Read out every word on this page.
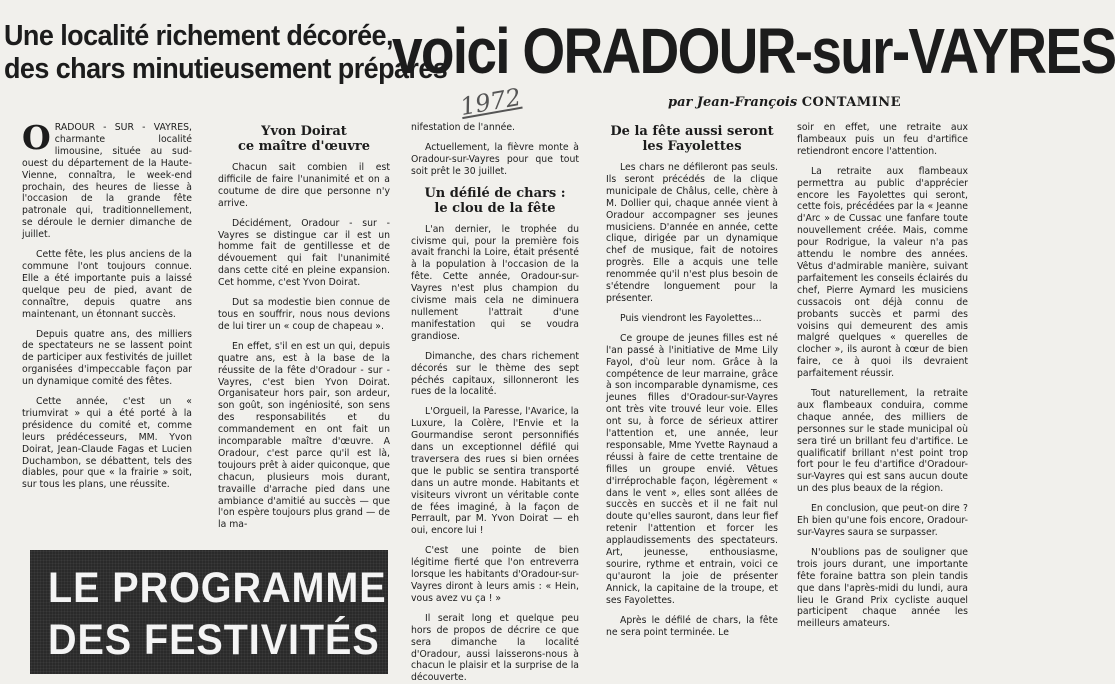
Une localité richement décorée,
des chars minutieusement préparés
voici ORADOUR-sur-VAYRES
1972	par Jean-François CONTAMINE

ORADOUR - SUR - VAYRES, charmante localité limousine, située au sud-ouest du département de la Haute-Vienne, connaîtra, le week-end prochain, des heures de liesse à l'occasion de la grande fête patronale qui, traditionnellement, se déroule le dernier dimanche de juillet.

Cette fête, les plus anciens de la commune l'ont toujours connue. Elle a été importante puis a laissé quelque peu de pied, avant de connaître, depuis quatre ans maintenant, un étonnant succès.

Depuis quatre ans, des milliers de spectateurs ne se lassent point de participer aux festivités de juillet organisées d'impeccable façon par un dynamique comité des fêtes.

Cette année, c'est un « triumvirat » qui a été porté à la présidence du comité et, comme leurs prédécesseurs, MM. Yvon Doirat, Jean-Claude Fagas et Lucien Duchambon, se débattent, tels des diables, pour que « la frairie » soit, sur tous les plans, une réussite.

Yvon Doirat
ce maître d'œuvre

Chacun sait combien il est difficile de faire l'unanimité et on a coutume de dire que personne n'y arrive.

Décidément, Oradour - sur - Vayres se distingue car il est un homme fait de gentillesse et de dévouement qui fait l'unanimité dans cette cité en pleine expansion. Cet homme, c'est Yvon Doirat.

Dut sa modestie bien connue de tous en souffrir, nous nous devions de lui tirer un « coup de chapeau ».

En effet, s'il en est un qui, depuis quatre ans, est à la base de la réussite de la fête d'Oradour - sur - Vayres, c'est bien Yvon Doirat. Organisateur hors pair, son ardeur, son goût, son ingéniosité, son sens des responsabilités et du commandement en ont fait un incomparable maître d'œuvre. A Oradour, c'est parce qu'il est là, toujours prêt à aider quiconque, que chacun, plusieurs mois durant, travaille d'arrache pied dans une ambiance d'amitié au succès — que l'on espère toujours plus grand — de la ma-

nifestation de l'année.

Actuellement, la fièvre monte à Oradour-sur-Vayres pour que tout soit prêt le 30 juillet.

Un défilé de chars :
le clou de la fête

L'an dernier, le trophée du civisme qui, pour la première fois avait franchi la Loire, était présenté à la population à l'occasion de la fête. Cette année, Oradour-sur-Vayres n'est plus champion du civisme mais cela ne diminuera nullement l'attrait d'une manifestation qui se voudra grandiose.

Dimanche, des chars richement décorés sur le thème des sept péchés capitaux, sillonneront les rues de la localité.

L'Orgueil, la Paresse, l'Avarice, la Luxure, la Colère, l'Envie et la Gourmandise seront personnifiés dans un exceptionnel défilé qui traversera des rues si bien ornées que le public se sentira transporté dans un autre monde. Habitants et visiteurs vivront un véritable conte de fées imaginé, à la façon de Perrault, par M. Yvon Doirat — eh oui, encore lui !

C'est une pointe de bien légitime fierté que l'on entreverra lorsque les habitants d'Oradour-sur-Vayres diront à leurs amis : « Hein, vous avez vu ça ! »

Il serait long et quelque peu hors de propos de décrire ce que sera dimanche la localité d'Oradour, aussi laisserons-nous à chacun le plaisir et la surprise de la découverte.

De la fête aussi seront
les Fayolettes

Les chars ne défileront pas seuls. Ils seront précédés de la clique municipale de Châlus, celle, chère à M. Dollier qui, chaque année vient à Oradour accompagner ses jeunes musiciens. D'année en année, cette clique, dirigée par un dynamique chef de musique, fait de notoires progrès. Elle a acquis une telle renommée qu'il n'est plus besoin de s'étendre longuement pour la présenter.

Puis viendront les Fayolettes...

Ce groupe de jeunes filles est né l'an passé à l'initiative de Mme Lily Fayol, d'où leur nom. Grâce à la compétence de leur marraine, grâce à son incomparable dynamisme, ces jeunes filles d'Oradour-sur-Vayres ont très vite trouvé leur voie. Elles ont su, à force de sérieux attirer l'attention et, une année, leur responsable, Mme Yvette Raynaud a réussi à faire de cette trentaine de filles un groupe envié. Vêtues d'irréprochable façon, légèrement « dans le vent », elles sont allées de succès en succès et il ne fait nul doute qu'elles sauront, dans leur fief retenir l'attention et forcer les applaudissements des spectateurs. Art, jeunesse, enthousiasme, sourire, rythme et entrain, voici ce qu'auront la joie de présenter Annick, la capitaine de la troupe, et ses Fayolettes.

Après le défilé de chars, la fête ne sera point terminée. Le

soir en effet, une retraite aux flambeaux puis un feu d'artifice retiendront encore l'attention.

La retraite aux flambeaux permettra au public d'apprécier encore les Fayolettes qui seront, cette fois, précédées par la « Jeanne d'Arc » de Cussac une fanfare toute nouvellement créée. Mais, comme pour Rodrigue, la valeur n'a pas attendu le nombre des années. Vêtus d'admirable manière, suivant parfaitement les conseils éclairés du chef, Pierre Aymard les musiciens cussacois ont déjà connu de probants succès et parmi des voisins qui demeurent des amis malgré quelques « querelles de clocher », ils auront à cœur de bien faire, ce à quoi ils devraient parfaitement réussir.

Tout naturellement, la retraite aux flambeaux conduira, comme chaque année, des milliers de personnes sur le stade municipal où sera tiré un brillant feu d'artifice. Le qualificatif brillant n'est point trop fort pour le feu d'artifice d'Oradour-sur-Vayres qui est sans aucun doute un des plus beaux de la région.

En conclusion, que peut-on dire ? Eh bien qu'une fois encore, Oradour-sur-Vayres saura se surpasser.

N'oublions pas de souligner que trois jours durant, une importante fête foraine battra son plein tandis que dans l'après-midi du lundi, aura lieu le Grand Prix cycliste auquel participent chaque année les meilleurs amateurs.

LE PROGRAMME
DES FESTIVITÉS
